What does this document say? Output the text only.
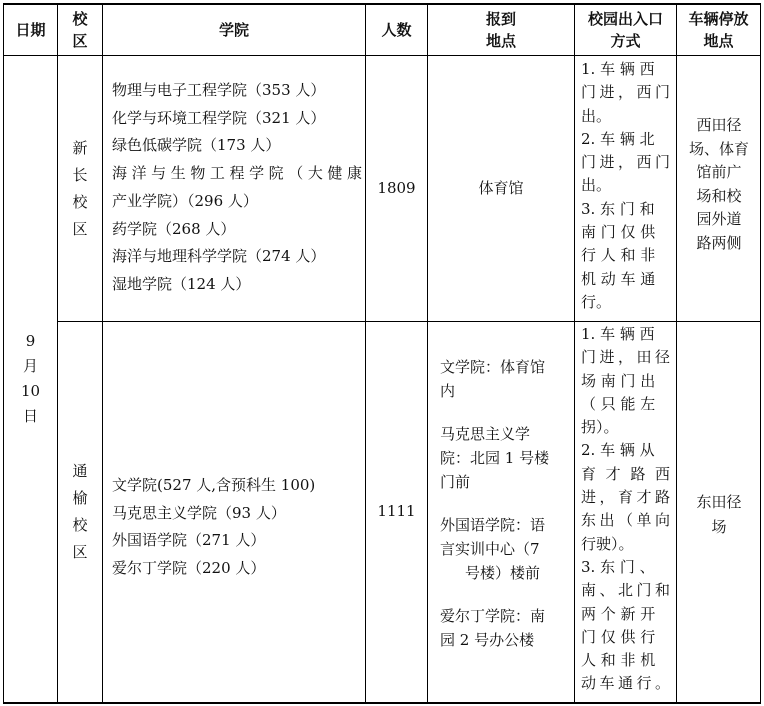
日期
校
区
学院	人数
报到
地点
校园出入口
方式
车辆停放
地点
9
月
10
日
新
长
校
区
物理与电子工程学院（353 人）
化学与环境工程学院（321 人）
绿色低碳学院（173 人）
海洋与生物工程学院（大健康
产业学院）（296 人）
药学院（268 人）
海洋与地理科学学院（274 人）
湿地学院（124 人）
1809	体育馆
1. 车 辆 西
门进，西门
出。
2. 车 辆 北
门进，西门
出。
3. 东 门 和
南 门 仅 供
行 人 和 非
机 动 车 通
行。
西田径
场、体育
馆前广
场和校
园外道
路两侧
通
榆
校
区
文学院(527 人,含预科生 100)
马克思主义学院（93 人）
外国语学院（271 人）
爱尔丁学院（220 人）
1111
文学院：体育馆
内
马克思主义学
院：北园 1 号楼
门前
外国语学院：语
言实训中心（7
号楼）楼前
爱尔丁学院：南
园 2 号办公楼
1. 车 辆 西
门进，田径
场 南 门 出
（ 只 能 左
拐）。
2. 车 辆 从
育才路西
进，育才路
东出（单向
行驶）。
3. 东 门 、
南、北门和
两 个 新 开
门 仅 供 行
人 和 非 机
动车通行。
东田径
场
